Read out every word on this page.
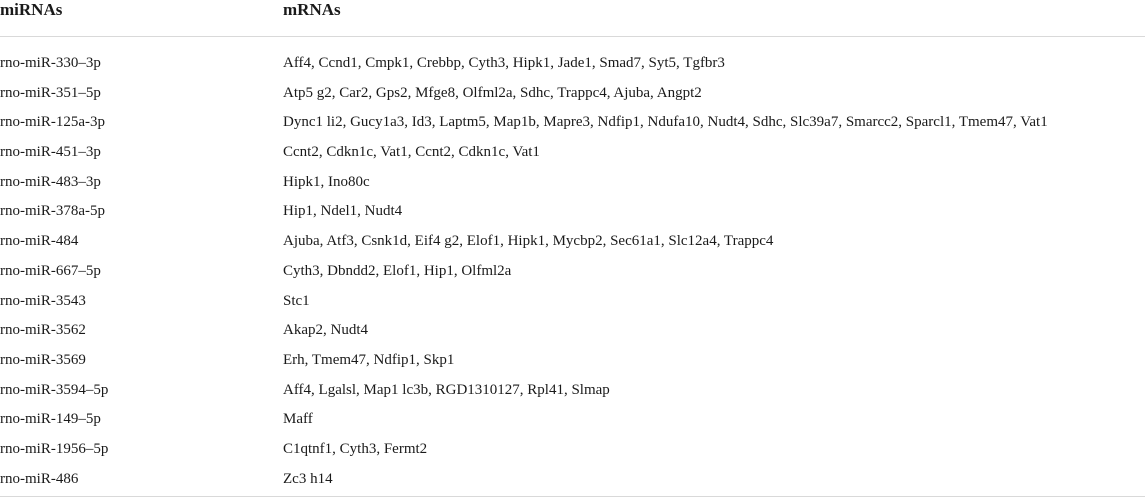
miRNAs	mRNAs
rno-miR-330–3p	Aff4, Ccnd1, Cmpk1, Crebbp, Cyth3, Hipk1, Jade1, Smad7, Syt5, Tgfbr3
rno-miR-351–5p	Atp5 g2, Car2, Gps2, Mfge8, Olfml2a, Sdhc, Trappc4, Ajuba, Angpt2
rno-miR-125a-3p	Dync1 li2, Gucy1a3, Id3, Laptm5, Map1b, Mapre3, Ndfip1, Ndufa10, Nudt4, Sdhc, Slc39a7, Smarcc2, Sparcl1, Tmem47, Vat1
rno-miR-451–3p	Ccnt2, Cdkn1c, Vat1, Ccnt2, Cdkn1c, Vat1
rno-miR-483–3p	Hipk1, Ino80c
rno-miR-378a-5p	Hip1, Ndel1, Nudt4
rno-miR-484	Ajuba, Atf3, Csnk1d, Eif4 g2, Elof1, Hipk1, Mycbp2, Sec61a1, Slc12a4, Trappc4
rno-miR-667–5p	Cyth3, Dbndd2, Elof1, Hip1, Olfml2a
rno-miR-3543	Stc1
rno-miR-3562	Akap2, Nudt4
rno-miR-3569	Erh, Tmem47, Ndfip1, Skp1
rno-miR-3594–5p	Aff4, Lgalsl, Map1 lc3b, RGD1310127, Rpl41, Slmap
rno-miR-149–5p	Maff
rno-miR-1956–5p	C1qtnf1, Cyth3, Fermt2
rno-miR-486	Zc3 h14
